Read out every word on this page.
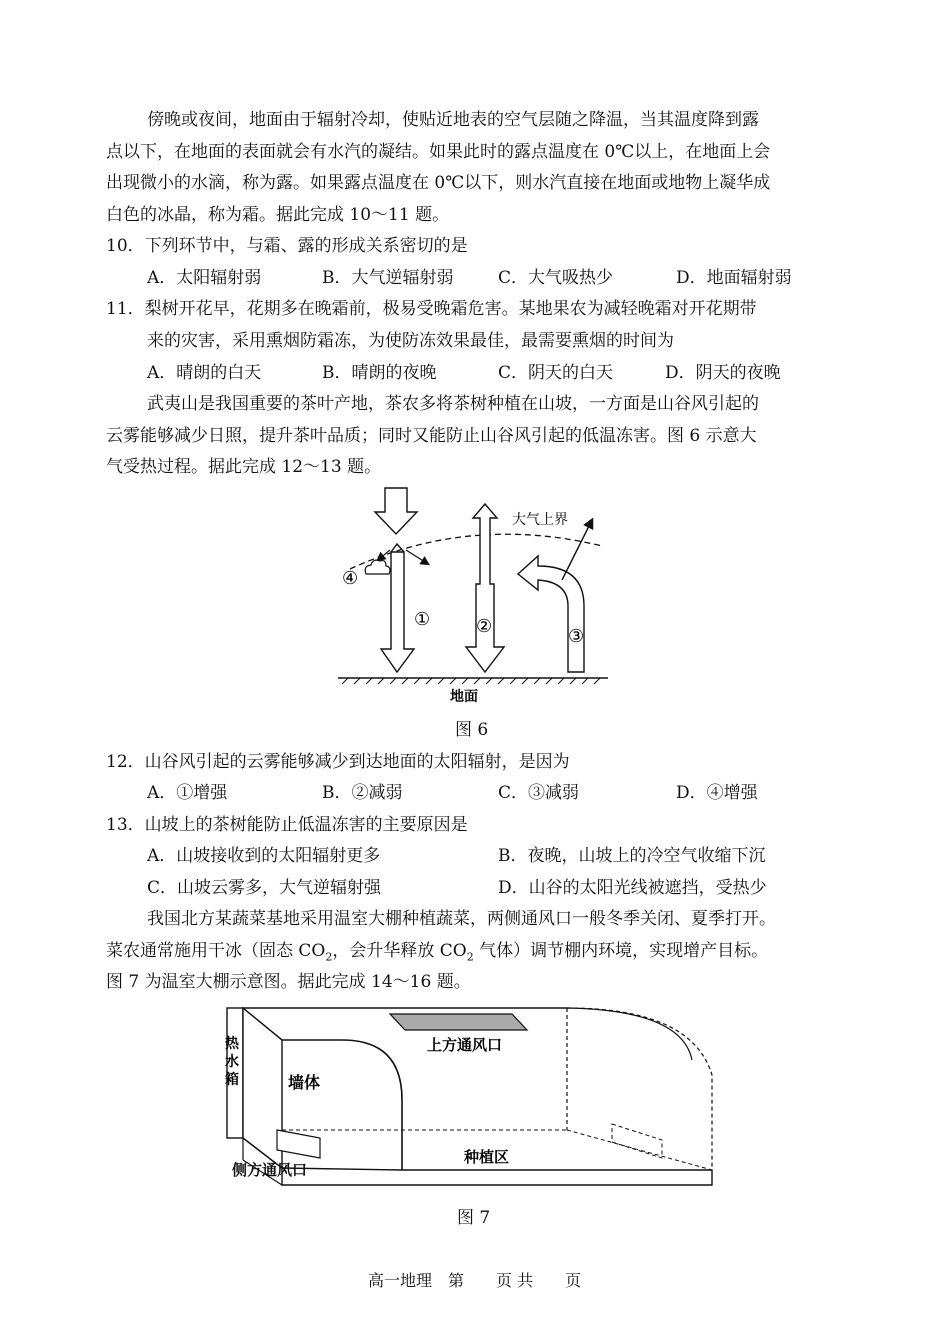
傍晚或夜间，地面由于辐射冷却，使贴近地表的空气层随之降温，当其温度降到露
点以下，在地面的表面就会有水汽的凝结。如果此时的露点温度在 0℃以上，在地面上会
出现微小的水滴，称为露。如果露点温度在 0℃以下，则水汽直接在地面或地物上凝华成
白色的冰晶，称为霜。据此完成 10～11 题。
10．下列环节中，与霜、露的形成关系密切的是
A．太阳辐射弱	B．大气逆辐射弱	C．大气吸热少	D．地面辐射弱
11．梨树开花早，花期多在晚霜前，极易受晚霜危害。某地果农为减轻晚霜对开花期带
来的灾害，采用熏烟防霜冻，为使防冻效果最佳，最需要熏烟的时间为
A．晴朗的白天	B．晴朗的夜晚	C．阴天的白天	D．阴天的夜晚
武夷山是我国重要的茶叶产地，茶农多将茶树种植在山坡，一方面是山谷风引起的
云雾能够减少日照，提升茶叶品质；同时又能防止山谷风引起的低温冻害。图 6 示意大
气受热过程。据此完成 12～13 题。
大气上界
地面
①	②	③
④
图 6
12．山谷风引起的云雾能够减少到达地面的太阳辐射，是因为
A．①增强	B．②减弱	C．③减弱	D．④增强
13．山坡上的茶树能防止低温冻害的主要原因是
A．山坡接收到的太阳辐射更多	B．夜晚，山坡上的冷空气收缩下沉
C．山坡云雾多，大气逆辐射强	D．山谷的太阳光线被遮挡，受热少
我国北方某蔬菜基地采用温室大棚种植蔬菜，两侧通风口一般冬季关闭、夏季打开。
菜农通常施用干冰（固态 $CO_2$，会升华释放 $CO_2$ 气体）调节棚内环境，实现增产目标。
图 7 为温室大棚示意图。据此完成 14～16 题。
上方通风口
墙体
种植区
热
水
箱
侧方通风口
图 7
高一地理　第　　页 共　　页
